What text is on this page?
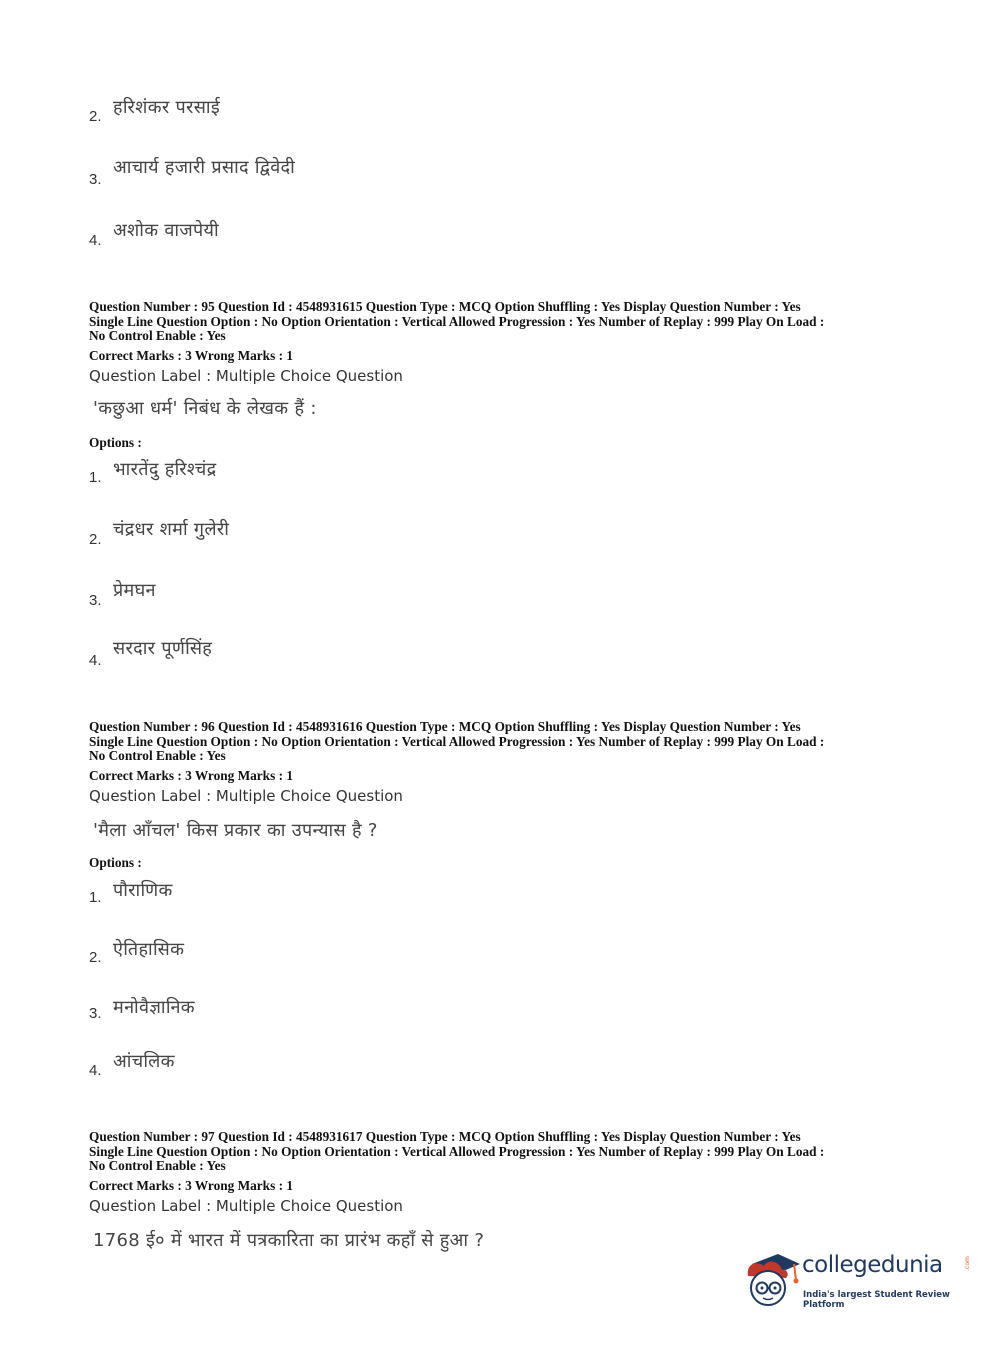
2. हरिशंकर परसाई
3.
आचार्य हजारी प्रसाद द्विवेदी
4. अशोक वाजपेयी
Question Number : 95 Question Id : 4548931615 Question Type : MCQ Option Shuffling : Yes Display Question Number : Yes
Single Line Question Option : No Option Orientation : Vertical Allowed Progression : Yes Number of Replay : 999 Play On Load :
No Control Enable : Yes
Correct Marks : 3 Wrong Marks : 1
Question Label : Multiple Choice Question
'कछुआ धर्म' निबंध के लेखक हैं :
Options :
1. भारतेंदु हरिश्चंद्र
2. चंद्रधर शर्मा गुलेरी
3. प्रेमघन
4.
सरदार पूर्णसिंह
Question Number : 96 Question Id : 4548931616 Question Type : MCQ Option Shuffling : Yes Display Question Number : Yes
Single Line Question Option : No Option Orientation : Vertical Allowed Progression : Yes Number of Replay : 999 Play On Load :
No Control Enable : Yes
Correct Marks : 3 Wrong Marks : 1
Question Label : Multiple Choice Question
'मैला आँचल' किस प्रकार का उपन्यास है ?
Options :
1. पौराणिक
2. ऐतिहासिक
3. मनोवैज्ञानिक
4. आंचलिक
Question Number : 97 Question Id : 4548931617 Question Type : MCQ Option Shuffling : Yes Display Question Number : Yes
Single Line Question Option : No Option Orientation : Vertical Allowed Progression : Yes Number of Replay : 999 Play On Load :
No Control Enable : Yes
Correct Marks : 3 Wrong Marks : 1
Question Label : Multiple Choice Question
1768 ई० में भारत में पत्रकारिता का प्रारंभ कहाँ से हुआ ?
collegedunia	.com
India's largest Student Review Platform
